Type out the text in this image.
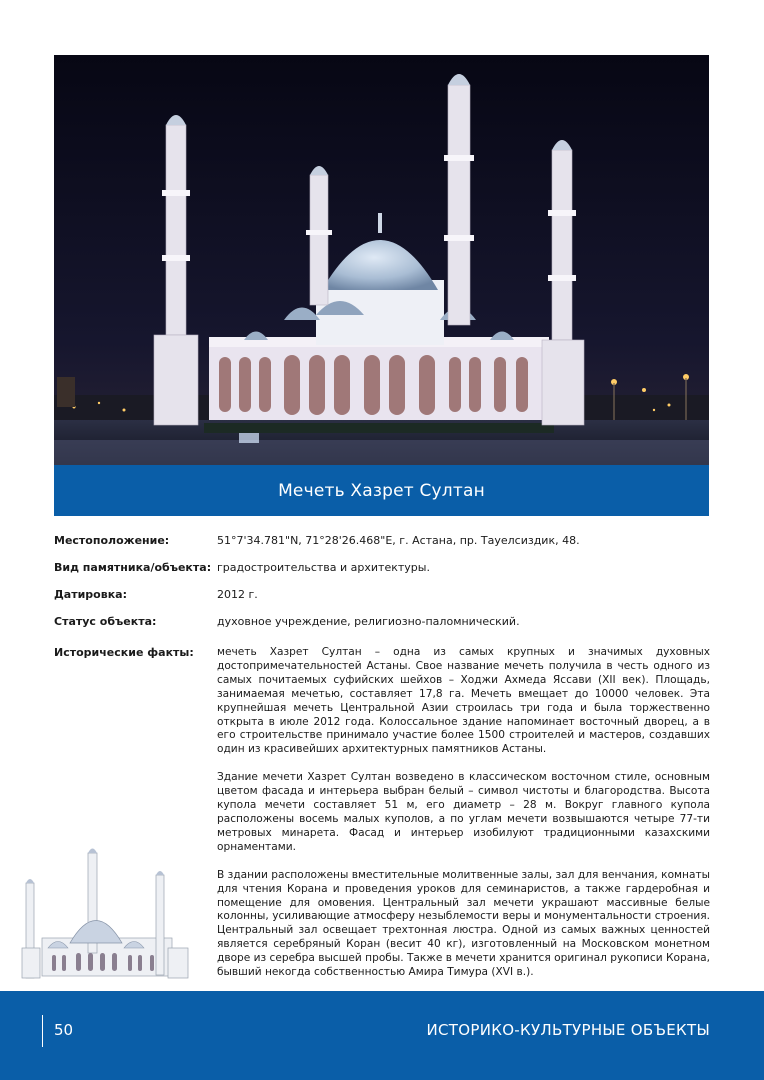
Мечеть Хазрет Султан
Местоположение:	51°7'34.781"N, 71°28'26.468"E, г. Астана, пр. Тауелсиздик, 48.
Вид памятника/объекта: градостроительства и архитектуры.
Датировка:	2012 г.
Статус объекта:	духовное учреждение, религиозно-паломнический.
Исторические факты:	мечеть Хазрет Султан – одна из самых крупных и значимых духовных достопримечательностей Астаны. Свое название мечеть получила в честь одного из самых почитаемых суфийских шейхов – Ходжи Ахмеда Яссави (XII век). Площадь, занимаемая мечетью, составляет 17,8 га. Мечеть вмещает до 10000 человек. Эта крупнейшая мечеть Центральной Азии строилась три года и была торжественно открыта в июле 2012 года. Колоссальное здание напоминает восточный дворец, а в его строительстве принимало участие более 1500 строителей и мастеров, создавших один из красивейших архитектурных памятников Астаны.

Здание мечети Хазрет Султан возведено в классическом восточном стиле, основным цветом фасада и интерьера выбран белый – символ чистоты и благородства. Высота купола мечети составляет 51 м, его диаметр – 28 м. Вокруг главного купола расположены восемь малых куполов, а по углам мечети возвышаются четыре 77-ти метровых минарета. Фасад и интерьер изобилуют традиционными казахскими орнаментами.

В здании расположены вместительные молитвенные залы, зал для венчания, комнаты для чтения Корана и проведения уроков для семинаристов, а также гардеробная и помещение для омовения. Центральный зал мечети украшают массивные белые колонны, усиливающие атмосферу незыблемости веры и монументальности строения. Центральный зал освещает трехтонная люстра. Одной из самых важных ценностей является серебряный Коран (весит 40 кг), изготовленный на Московском монетном дворе из серебра высшей пробы. Также в мечети хранится оригинал рукописи Корана, бывший некогда собственностью Амира Тимура (XVI в.).

50	ИСТОРИКО-КУЛЬТУРНЫЕ ОБЪЕКТЫ
